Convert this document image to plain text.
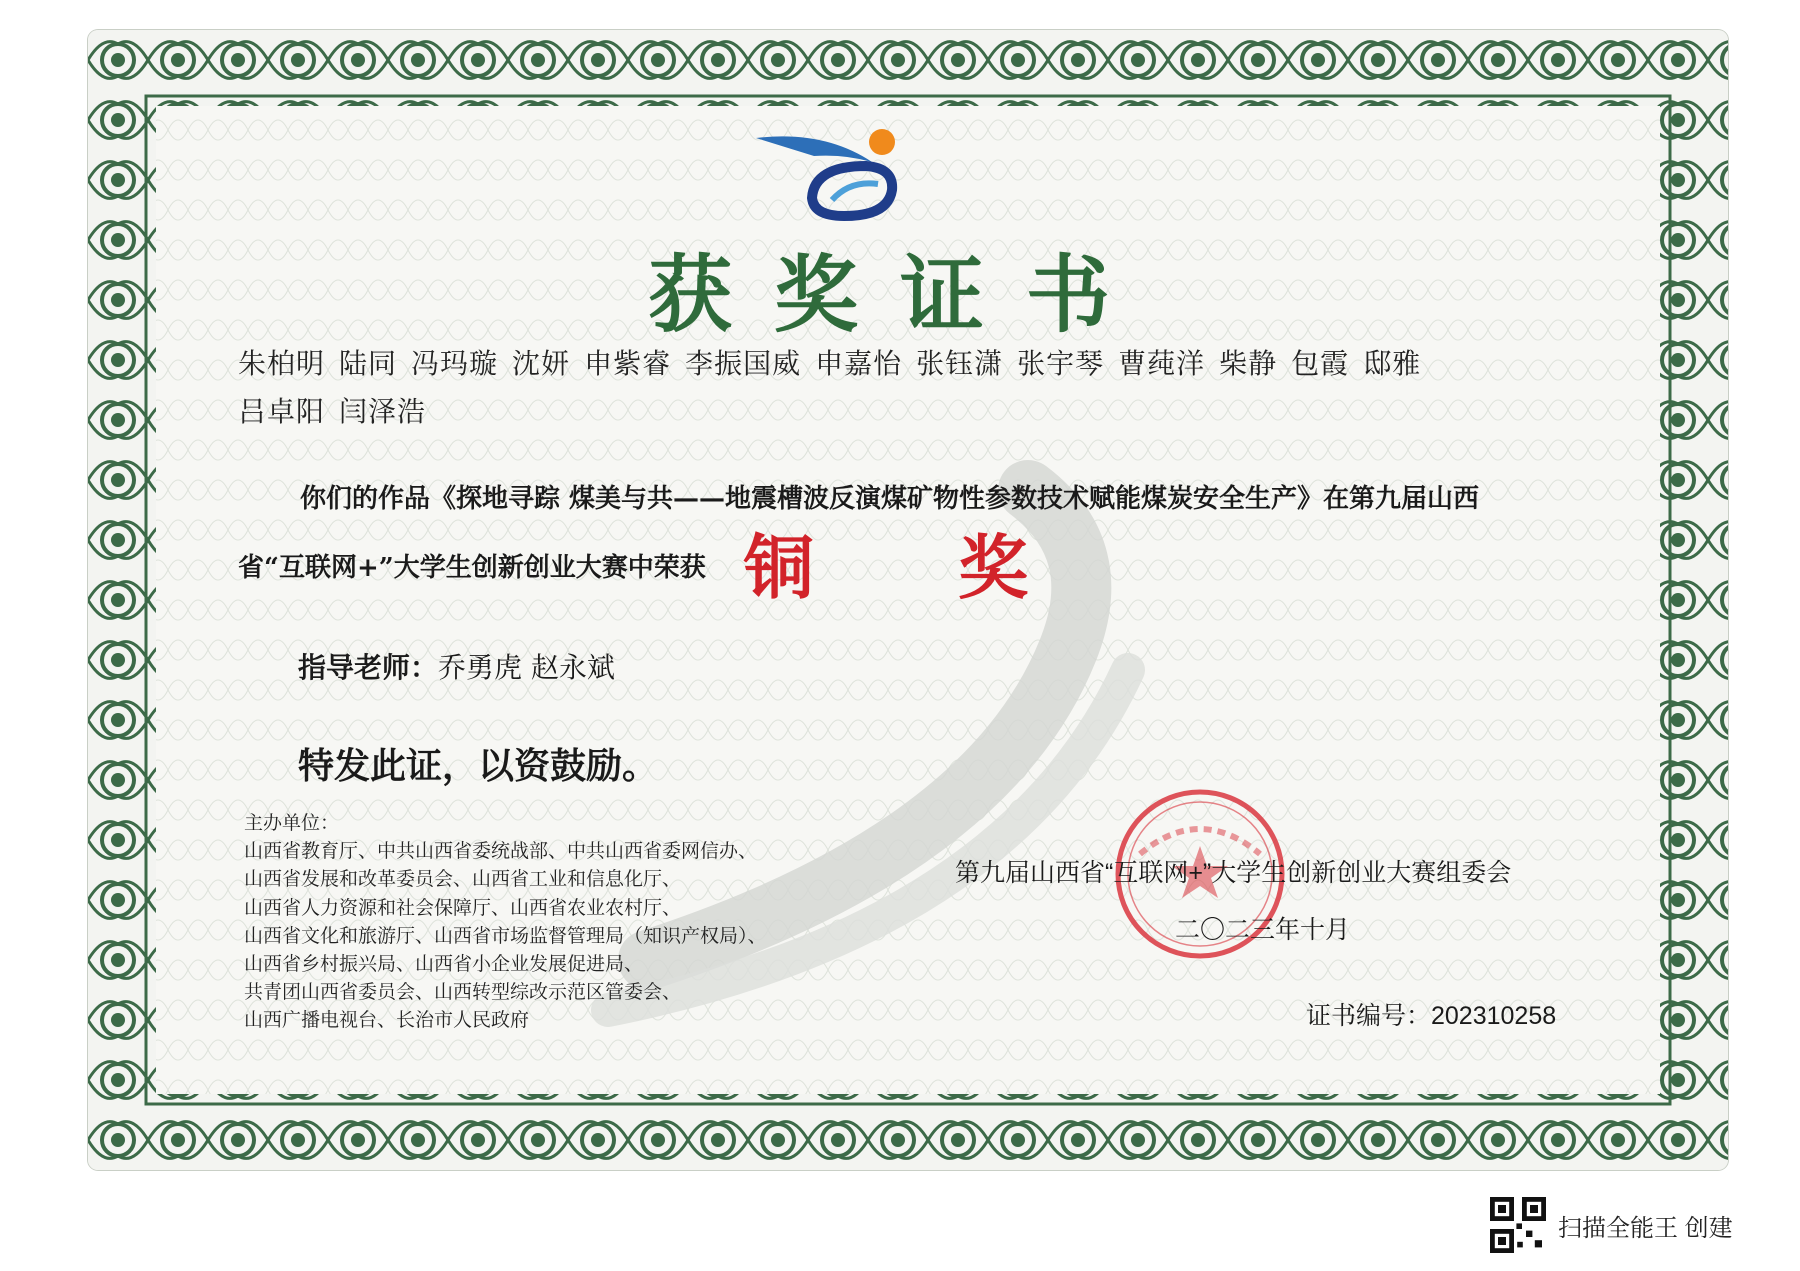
获奖证书
朱柏明 陆同 冯玛璇 沈妍 申紫睿 李振国威 申嘉怡 张钰潇 张宇琴 曹莼洋 柴静 包霞 邸雅
吕卓阳 闫泽浩
你们的作品《探地寻踪 煤美与共——地震槽波反演煤矿物性参数技术赋能煤炭安全生产》在第九届山西
省“互联网+”大学生创新创业大赛中荣获 铜 奖

指导老师：乔勇虎 赵永斌

特发此证，以资鼓励。

主办单位：
山西省教育厅、中共山西省委统战部、中共山西省委网信办、
山西省发展和改革委员会、山西省工业和信息化厅、
山西省人力资源和社会保障厅、山西省农业农村厅、
山西省文化和旅游厅、山西省市场监督管理局（知识产权局）、
山西省乡村振兴局、山西省小企业发展促进局、
共青团山西省委员会、山西转型综改示范区管委会、
山西广播电视台、长治市人民政府

第九届山西省“互联网+”大学生创新创业大赛组委会

二〇二三年十月

证书编号：202310258

扫描全能王 创建
